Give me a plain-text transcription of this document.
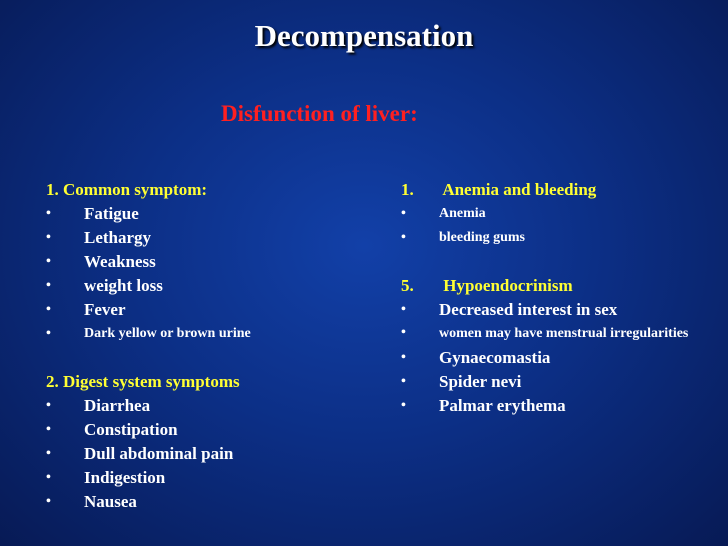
Decompensation
Disfunction of liver:
1. Common symptom:
• Fatigue
• Lethargy
• Weakness
• weight loss
• Fever
• Dark yellow or brown urine
2. Digest system symptoms
• Diarrhea
• Constipation
• Dull abdominal pain
• Indigestion
• Nausea
1. Anemia and bleeding
• Anemia
• bleeding gums
5. Hypoendocrinism
• Decreased interest in sex
• women may have menstrual irregularities
• Gynaecomastia
• Spider nevi
• Palmar erythema
